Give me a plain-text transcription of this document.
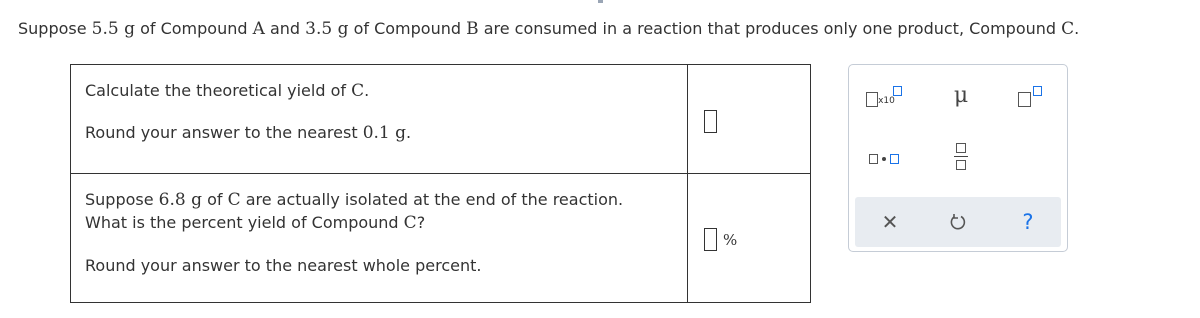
Suppose 5.5 g of Compound A and 3.5 g of Compound B are consumed in a reaction that produces only one product, Compound C.
Calculate the theoretical yield of C.
Round your answer to the nearest 0.1 g.	

Suppose 6.8 g of C are actually isolated at the end of the reaction.
What is the percent yield of Compound C?
Round your answer to the nearest whole percent.	%
x10	μ
✕	?
